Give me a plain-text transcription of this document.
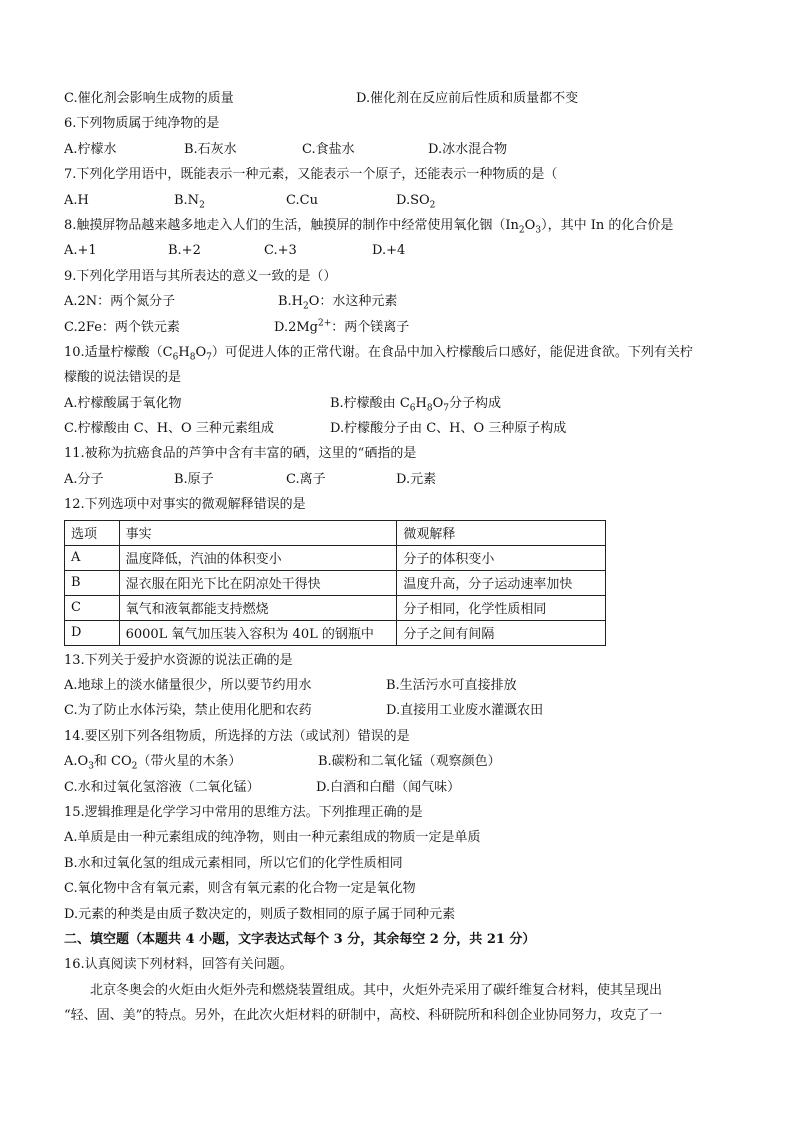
C.催化剂会影响生成物的质量	D.催化剂在反应前后性质和质量都不变
6.下列物质属于纯净物的是
A.柠檬水	B.石灰水	C.食盐水	D.冰水混合物
7.下列化学用语中，既能表示一种元素，又能表示一个原子，还能表示一种物质的是（
A.H	$B.N_2$	C.Cu	$D.SO_2$
8.触摸屏物品越来越多地走入人们的生活，触摸屏的制作中经常使用氧化铟$(In_2O_3)$，其中 In 的化合价是
A.+1	B.+2	C.+3	D.+4
9.下列化学用语与其所表达的意义一致的是（）
A.2N：两个氮分子	$B.H_2O$：水这种元素
C.2Fe：两个铁元素	$D.2Mg^{2+}$：两个镁离子
10.适量柠檬酸$(C_6H_8O_7)$可促进人体的正常代谢。在食品中加入柠檬酸后口感好，能促进食欲。下列有关柠
檬酸的说法错误的是
A.柠檬酸属于氧化物	B.柠檬酸由 $C_6H_8O_7$分子构成
C.柠檬酸由 C、H、O 三种元素组成	D.柠檬酸分子由 C、H、O 三种原子构成
11.被称为抗癌食品的芦笋中含有丰富的硒，这里的“硒指的是
A.分子	B.原子	C.离子	D.元素
12.下列选项中对事实的微观解释错误的是
选项	事实	微观解释
A	温度降低，汽油的体积变小	分子的体积变小
B	湿衣服在阳光下比在阴凉处干得快	温度升高，分子运动速率加快
C	氧气和液氧都能支持燃烧	分子相同，化学性质相同
D	6000L 氧气加压装入容积为 40L 的钢瓶中	分子之间有间隔
13.下列关于爱护水资源的说法正确的是
A.地球上的淡水储量很少，所以要节约用水	B.生活污水可直接排放
C.为了防止水体污染，禁止使用化肥和农药	D.直接用工业废水灌溉农田
14.要区别下列各组物质，所选择的方法（或试剂）错误的是
$A.O_3$和 $CO_2$（带火星的木条）	B.碳粉和二氧化锰（观察颜色）
C.水和过氧化氢溶液（二氧化锰）	D.白酒和白醋（闻气味）
15.逻辑推理是化学学习中常用的思维方法。下列推理正确的是
A.单质是由一种元素组成的纯净物，则由一种元素组成的物质一定是单质
B.水和过氧化氢的组成元素相同，所以它们的化学性质相同
C.氧化物中含有氧元素，则含有氧元素的化合物一定是氧化物
D.元素的种类是由质子数决定的，则质子数相同的原子属于同种元素
二、填空题（本题共 4 小题，文字表达式每个 3 分，其余每空 2 分，共 21 分）
16.认真阅读下列材料，回答有关问题。
北京冬奥会的火炬由火炬外壳和燃烧装置组成。其中，火炬外壳采用了碳纤维复合材料，使其呈现出
“轻、固、美”的特点。另外，在此次火炬材料的研制中，高校、科研院所和科创企业协同努力，攻克了一
